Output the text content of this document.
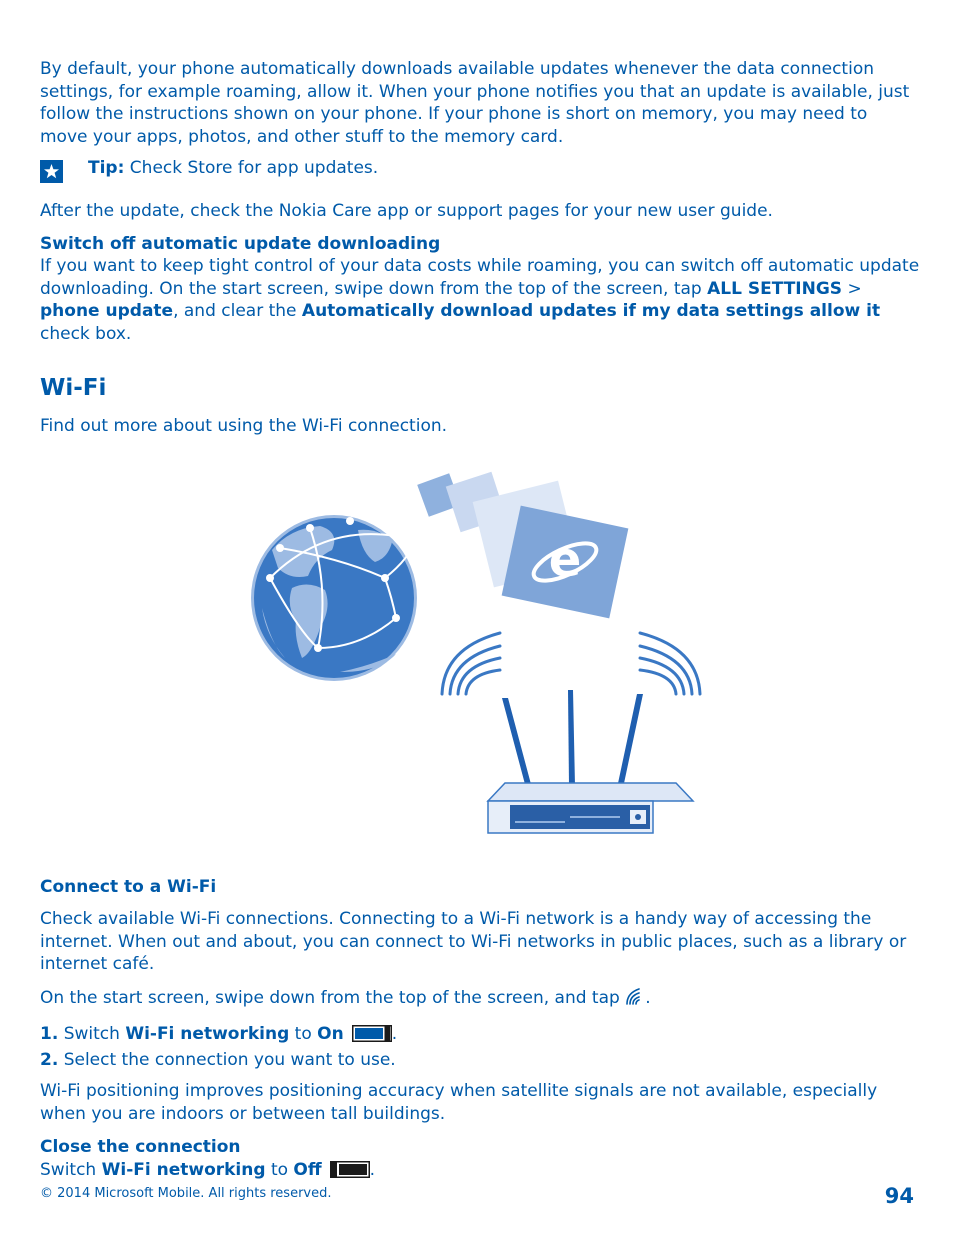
By default, your phone automatically downloads available updates whenever the data connection settings, for example roaming, allow it. When your phone notifies you that an update is available, just follow the instructions shown on your phone. If your phone is short on memory, you may need to move your apps, photos, and other stuff to the memory card.

Tip: Check Store for app updates.

After the update, check the Nokia Care app or support pages for your new user guide.

Switch off automatic update downloading

If you want to keep tight control of your data costs while roaming, you can switch off automatic update downloading. On the start screen, swipe down from the top of the screen, tap ALL SETTINGS > phone update, and clear the Automatically download updates if my data settings allow it check box.

Wi-Fi

Find out more about using the Wi-Fi connection.

e
Connect to a Wi-Fi

Check available Wi-Fi connections. Connecting to a Wi-Fi network is a handy way of accessing the internet. When out and about, you can connect to Wi-Fi networks in public places, such as a library or internet café.

On the start screen, swipe down from the top of the screen, and tap .

1. Switch Wi-Fi networking to On	.
2. Select the connection you want to use.

Wi-Fi positioning improves positioning accuracy when satellite signals are not available, especially when you are indoors or between tall buildings.

Close the connection

Switch Wi-Fi networking to Off	.

© 2014 Microsoft Mobile. All rights reserved.	94
